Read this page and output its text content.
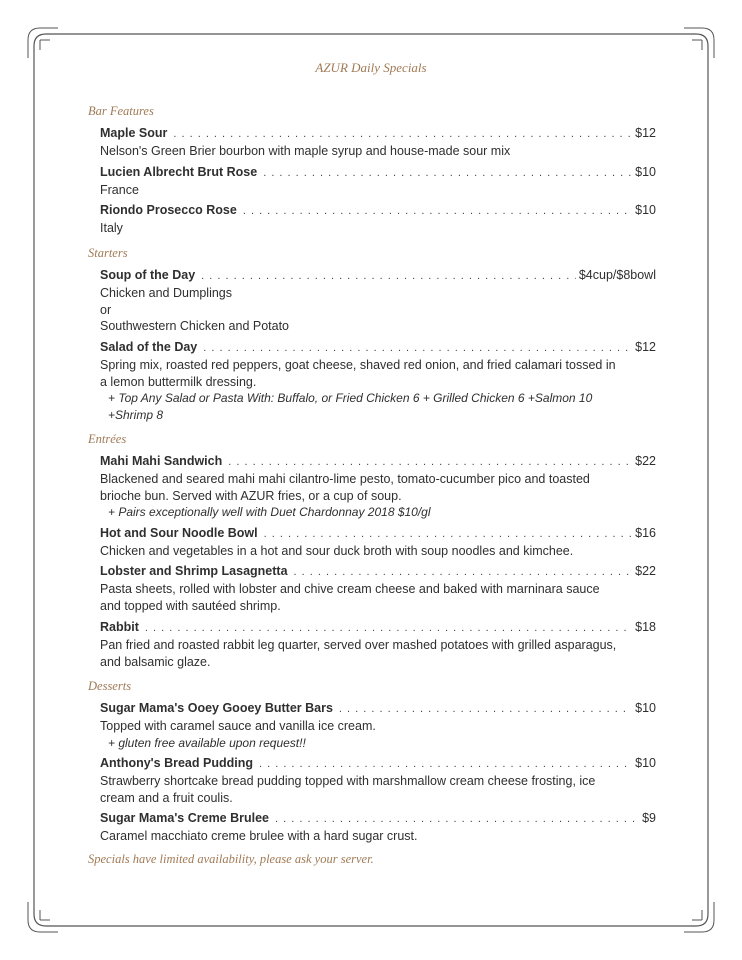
AZUR Daily Specials
Bar Features
Maple Sour . . .	$12
Nelson's Green Brier bourbon with maple syrup and house-made sour mix
Lucien Albrecht Brut Rose . . .	$10
France
Riondo Prosecco Rose . . .	$10
Italy
Starters
Soup of the Day . . .	$4cup/$8bowl
Chicken and Dumplings
or
Southwestern Chicken and Potato
Salad of the Day . . .	$12
Spring mix, roasted red peppers, goat cheese, shaved red onion, and fried calamari tossed in
a lemon buttermilk dressing.
+ Top Any Salad or Pasta With: Buffalo, or Fried Chicken 6 + Grilled Chicken 6 +Salmon 10 +Shrimp 8
Entrées
Mahi Mahi Sandwich . . .	$22
Blackened and seared mahi mahi cilantro-lime pesto, tomato-cucumber pico and toasted
brioche bun. Served with AZUR fries, or a cup of soup.
+ Pairs exceptionally well with Duet Chardonnay 2018 $10/gl
Hot and Sour Noodle Bowl . . .	$16
Chicken and vegetables in a hot and sour duck broth with soup noodles and kimchee.
Lobster and Shrimp Lasagnetta . . .	$22
Pasta sheets, rolled with lobster and chive cream cheese and baked with marninara sauce
and topped with sautéed shrimp.
Rabbit . . .	$18
Pan fried and roasted rabbit leg quarter, served over mashed potatoes with grilled asparagus,
and balsamic glaze.
Desserts
Sugar Mama's Ooey Gooey Butter Bars . . .	$10
Topped with caramel sauce and vanilla ice cream.
+ gluten free available upon request!!
Anthony's Bread Pudding . . .	$10
Strawberry shortcake bread pudding topped with marshmallow cream cheese frosting, ice
cream and a fruit coulis.
Sugar Mama's Creme Brulee . . .	$9
Caramel macchiato creme brulee with a hard sugar crust.
Specials have limited availability, please ask your server.
